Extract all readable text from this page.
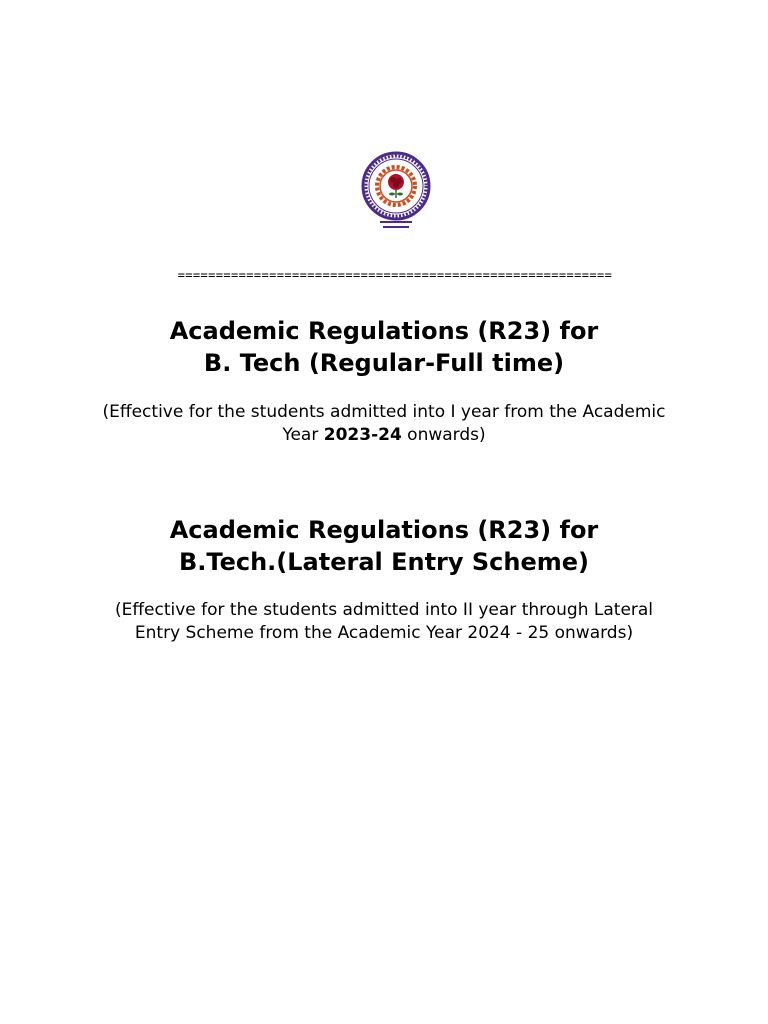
=========================================================
Academic Regulations (R23) for
B. Tech (Regular-Full time)
(Effective for the students admitted into I year from the Academic
Year 2023-24 onwards)
Academic Regulations (R23) for
B.Tech.(Lateral Entry Scheme)
(Effective for the students admitted into II year through Lateral
Entry Scheme from the Academic Year 2024 - 25 onwards)
